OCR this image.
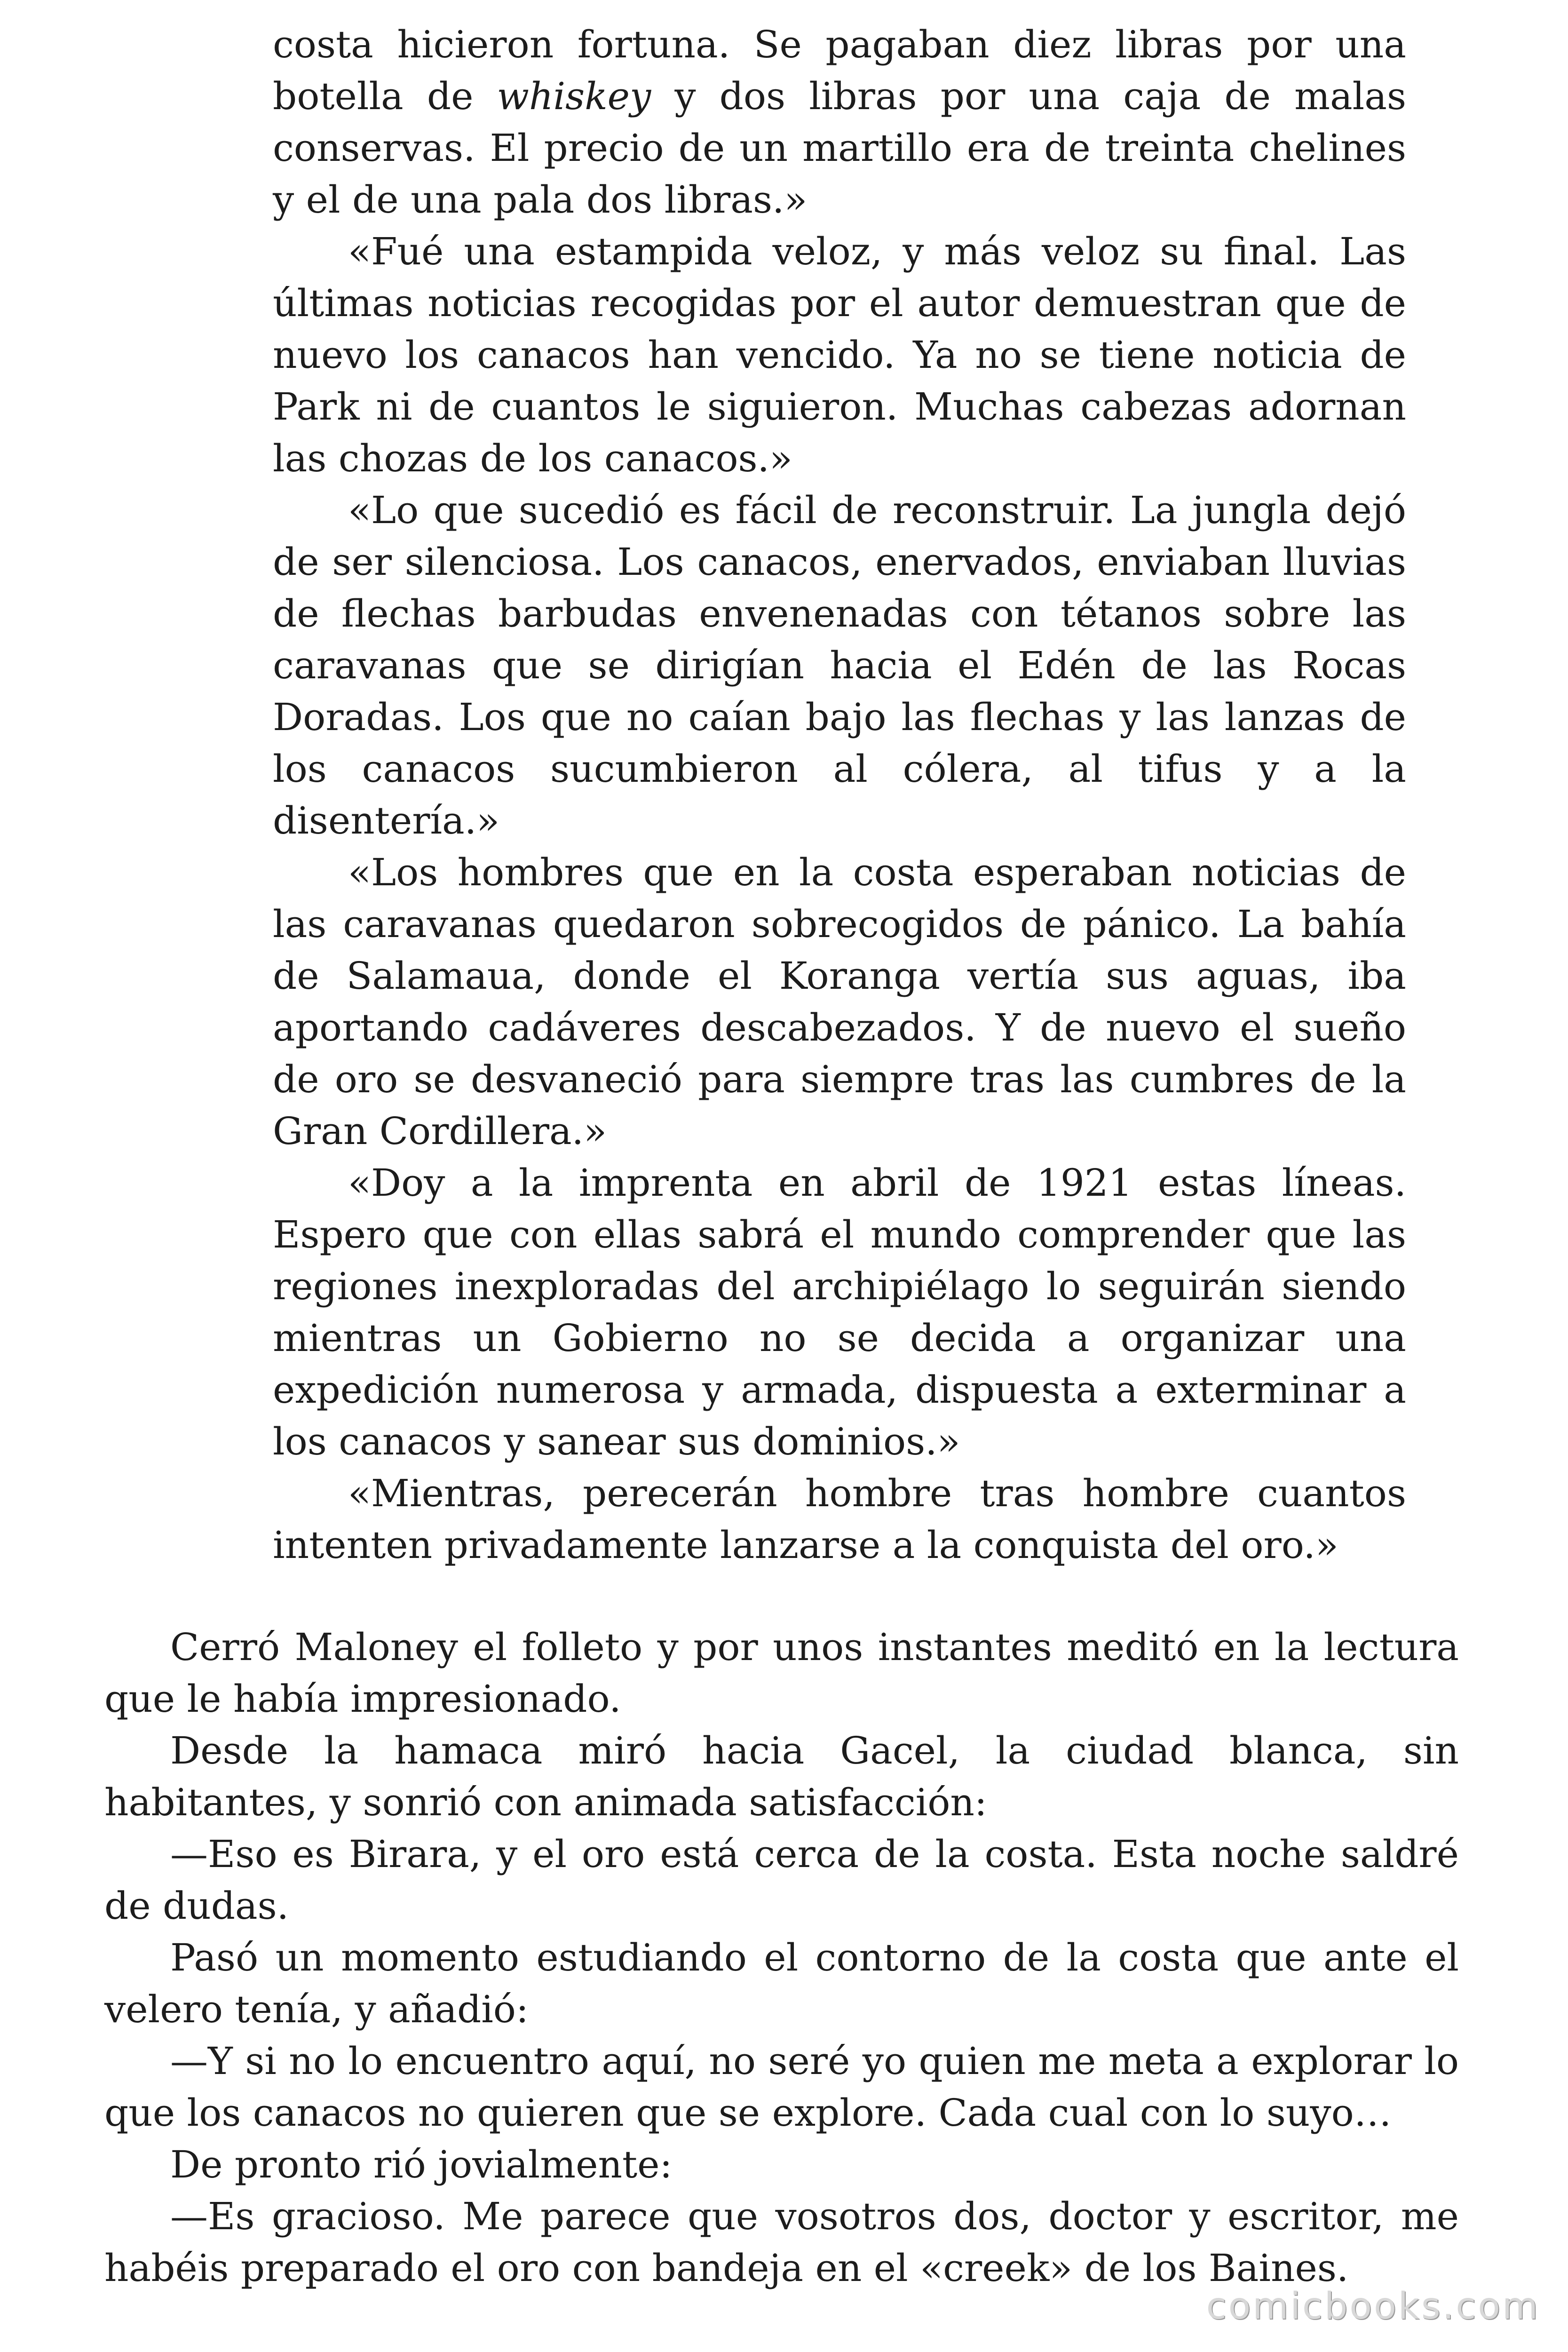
costa hicieron fortuna. Se pagaban diez libras por una botella de whiskey y dos libras por una caja de malas conservas. El precio de un martillo era de treinta chelines y el de una pala dos libras.»

«Fué una estampida veloz, y más veloz su final. Las últimas noticias recogidas por el autor demuestran que de nuevo los canacos han vencido. Ya no se tiene noticia de Park ni de cuantos le siguieron. Muchas cabezas adornan las chozas de los canacos.»

«Lo que sucedió es fácil de reconstruir. La jungla dejó de ser silenciosa. Los canacos, enervados, enviaban lluvias de flechas barbudas envenenadas con tétanos sobre las caravanas que se dirigían hacia el Edén de las Rocas Doradas. Los que no caían bajo las flechas y las lanzas de los canacos sucumbieron al cólera, al tifus y a la disentería.»

«Los hombres que en la costa esperaban noticias de las caravanas quedaron sobrecogidos de pánico. La bahía de Salamaua, donde el Koranga vertía sus aguas, iba aportando cadáveres descabezados. Y de nuevo el sueño de oro se desvaneció para siempre tras las cumbres de la Gran Cordillera.»

«Doy a la imprenta en abril de 1921 estas líneas. Espero que con ellas sabrá el mundo comprender que las regiones inexploradas del archipiélago lo seguirán siendo mientras un Gobierno no se decida a organizar una expedición numerosa y armada, dispuesta a exterminar a los canacos y sanear sus dominios.»

«Mientras, perecerán hombre tras hombre cuantos intenten privadamente lanzarse a la conquista del oro.»

Cerró Maloney el folleto y por unos instantes meditó en la lectura que le había impresionado.

Desde la hamaca miró hacia Gacel, la ciudad blanca, sin habitantes, y sonrió con animada satisfacción:

—Eso es Birara, y el oro está cerca de la costa. Esta noche saldré de dudas.

Pasó un momento estudiando el contorno de la costa que ante el velero tenía, y añadió:

—Y si no lo encuentro aquí, no seré yo quien me meta a explorar lo que los canacos no quieren que se explore. Cada cual con lo suyo…

De pronto rió jovialmente:

—Es gracioso. Me parece que vosotros dos, doctor y escritor, me habéis preparado el oro con bandeja en el «creek» de los Baines.

comicbooks.com
